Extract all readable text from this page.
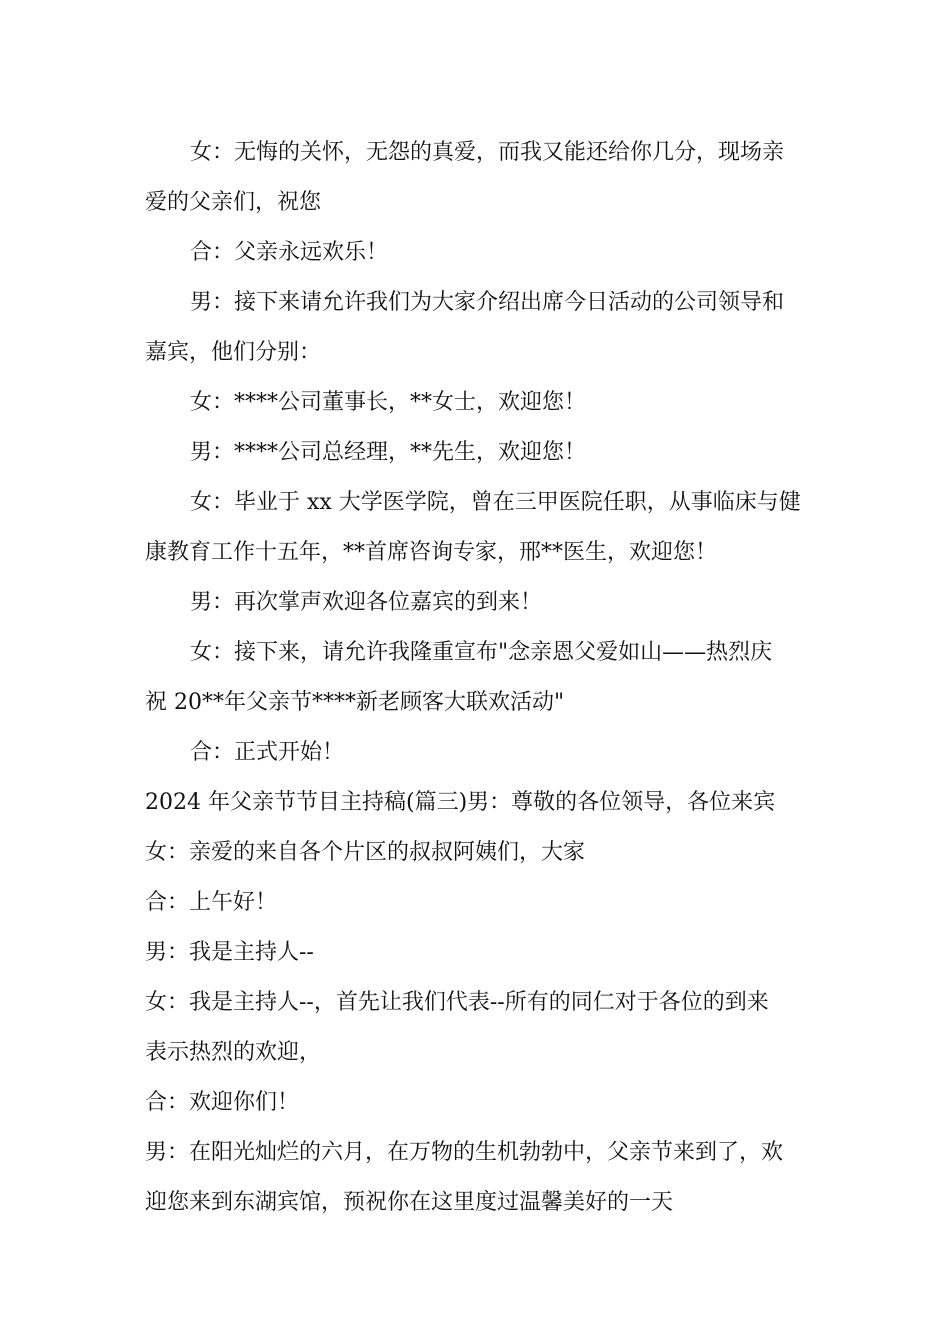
女：无悔的关怀，无怨的真爱，而我又能还给你几分，现场亲
爱的父亲们，祝您

合：父亲永远欢乐！

男：接下来请允许我们为大家介绍出席今日活动的公司领导和
嘉宾，他们分别：

女：****公司董事长，**女士，欢迎您！

男：****公司总经理，**先生，欢迎您！

女：毕业于 xx 大学医学院，曾在三甲医院任职，从事临床与健
康教育工作十五年，**首席咨询专家，邢**医生，欢迎您！

男：再次掌声欢迎各位嘉宾的到来！

女：接下来，请允许我隆重宣布"念亲恩父爱如山——热烈庆
祝 20**年父亲节****新老顾客大联欢活动"

合：正式开始！

2024 年父亲节节目主持稿(篇三)男：尊敬的各位领导，各位来宾

女：亲爱的来自各个片区的叔叔阿姨们，大家

合：上午好！

男：我是主持人--

女：我是主持人--，首先让我们代表--所有的同仁对于各位的到来
表示热烈的欢迎，

合：欢迎你们！

男：在阳光灿烂的六月，在万物的生机勃勃中，父亲节来到了，欢
迎您来到东湖宾馆，预祝你在这里度过温馨美好的一天
